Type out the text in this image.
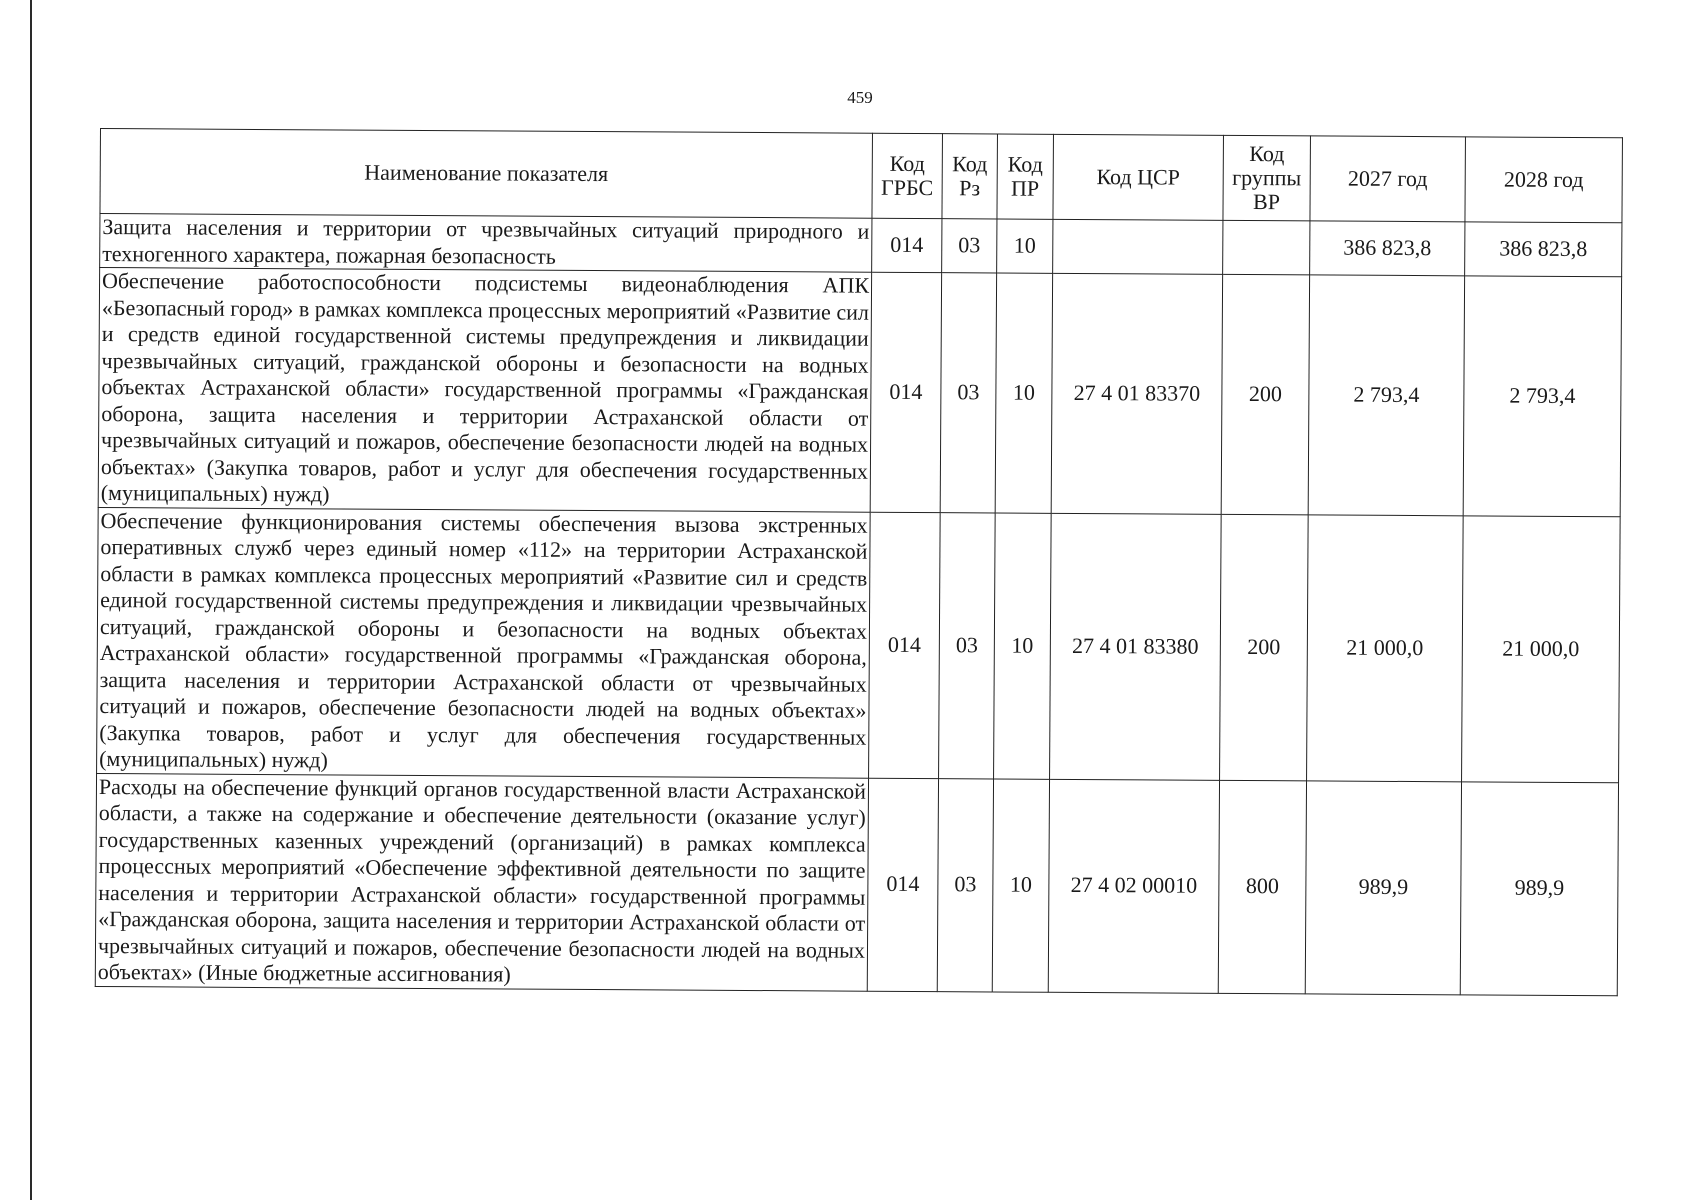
459
Наименование показателя	Код ГРБС	Код Рз	Код ПР	Код ЦСР	Код группы ВР	2027 год	2028 год
Защита населения и территории от чрезвычайных ситуаций природного и техногенного характера, пожарная безопасность	014	03	10			386 823,8	386 823,8
Обеспечение работоспособности подсистемы видеонаблюдения АПК «Безопасный город» в рамках комплекса процессных мероприятий «Развитие сил и средств единой государственной системы предупреждения и ликвидации чрезвычайных ситуаций, гражданской обороны и безопасности на водных объектах Астраханской области» государственной программы «Гражданская оборона, защита населения и территории Астраханской области от чрезвычайных ситуаций и пожаров, обеспечение безопасности людей на водных объектах» (Закупка товаров, работ и услуг для обеспечения государственных (муниципальных) нужд)	014	03	10	27 4 01 83370	200	2 793,4	2 793,4
Обеспечение функционирования системы обеспечения вызова экстренных оперативных служб через единый номер «112» на территории Астраханской области в рамках комплекса процессных мероприятий «Развитие сил и средств единой государственной системы предупреждения и ликвидации чрезвычайных ситуаций, гражданской обороны и безопасности на водных объектах Астраханской области» государственной программы «Гражданская оборона, защита населения и территории Астраханской области от чрезвычайных ситуаций и пожаров, обеспечение безопасности людей на водных объектах» (Закупка товаров, работ и услуг для обеспечения государственных (муниципальных) нужд)	014	03	10	27 4 01 83380	200	21 000,0	21 000,0
Расходы на обеспечение функций органов государственной власти Астраханской области, а также на содержание и обеспечение деятельности (оказание услуг) государственных казенных учреждений (организаций) в рамках комплекса процессных мероприятий «Обеспечение эффективной деятельности по защите населения и территории Астраханской области» государственной программы «Гражданская оборона, защита населения и территории Астраханской области от чрезвычайных ситуаций и пожаров, обеспечение безопасности людей на водных объектах» (Иные бюджетные ассигнования)	014	03	10	27 4 02 00010	800	989,9	989,9
